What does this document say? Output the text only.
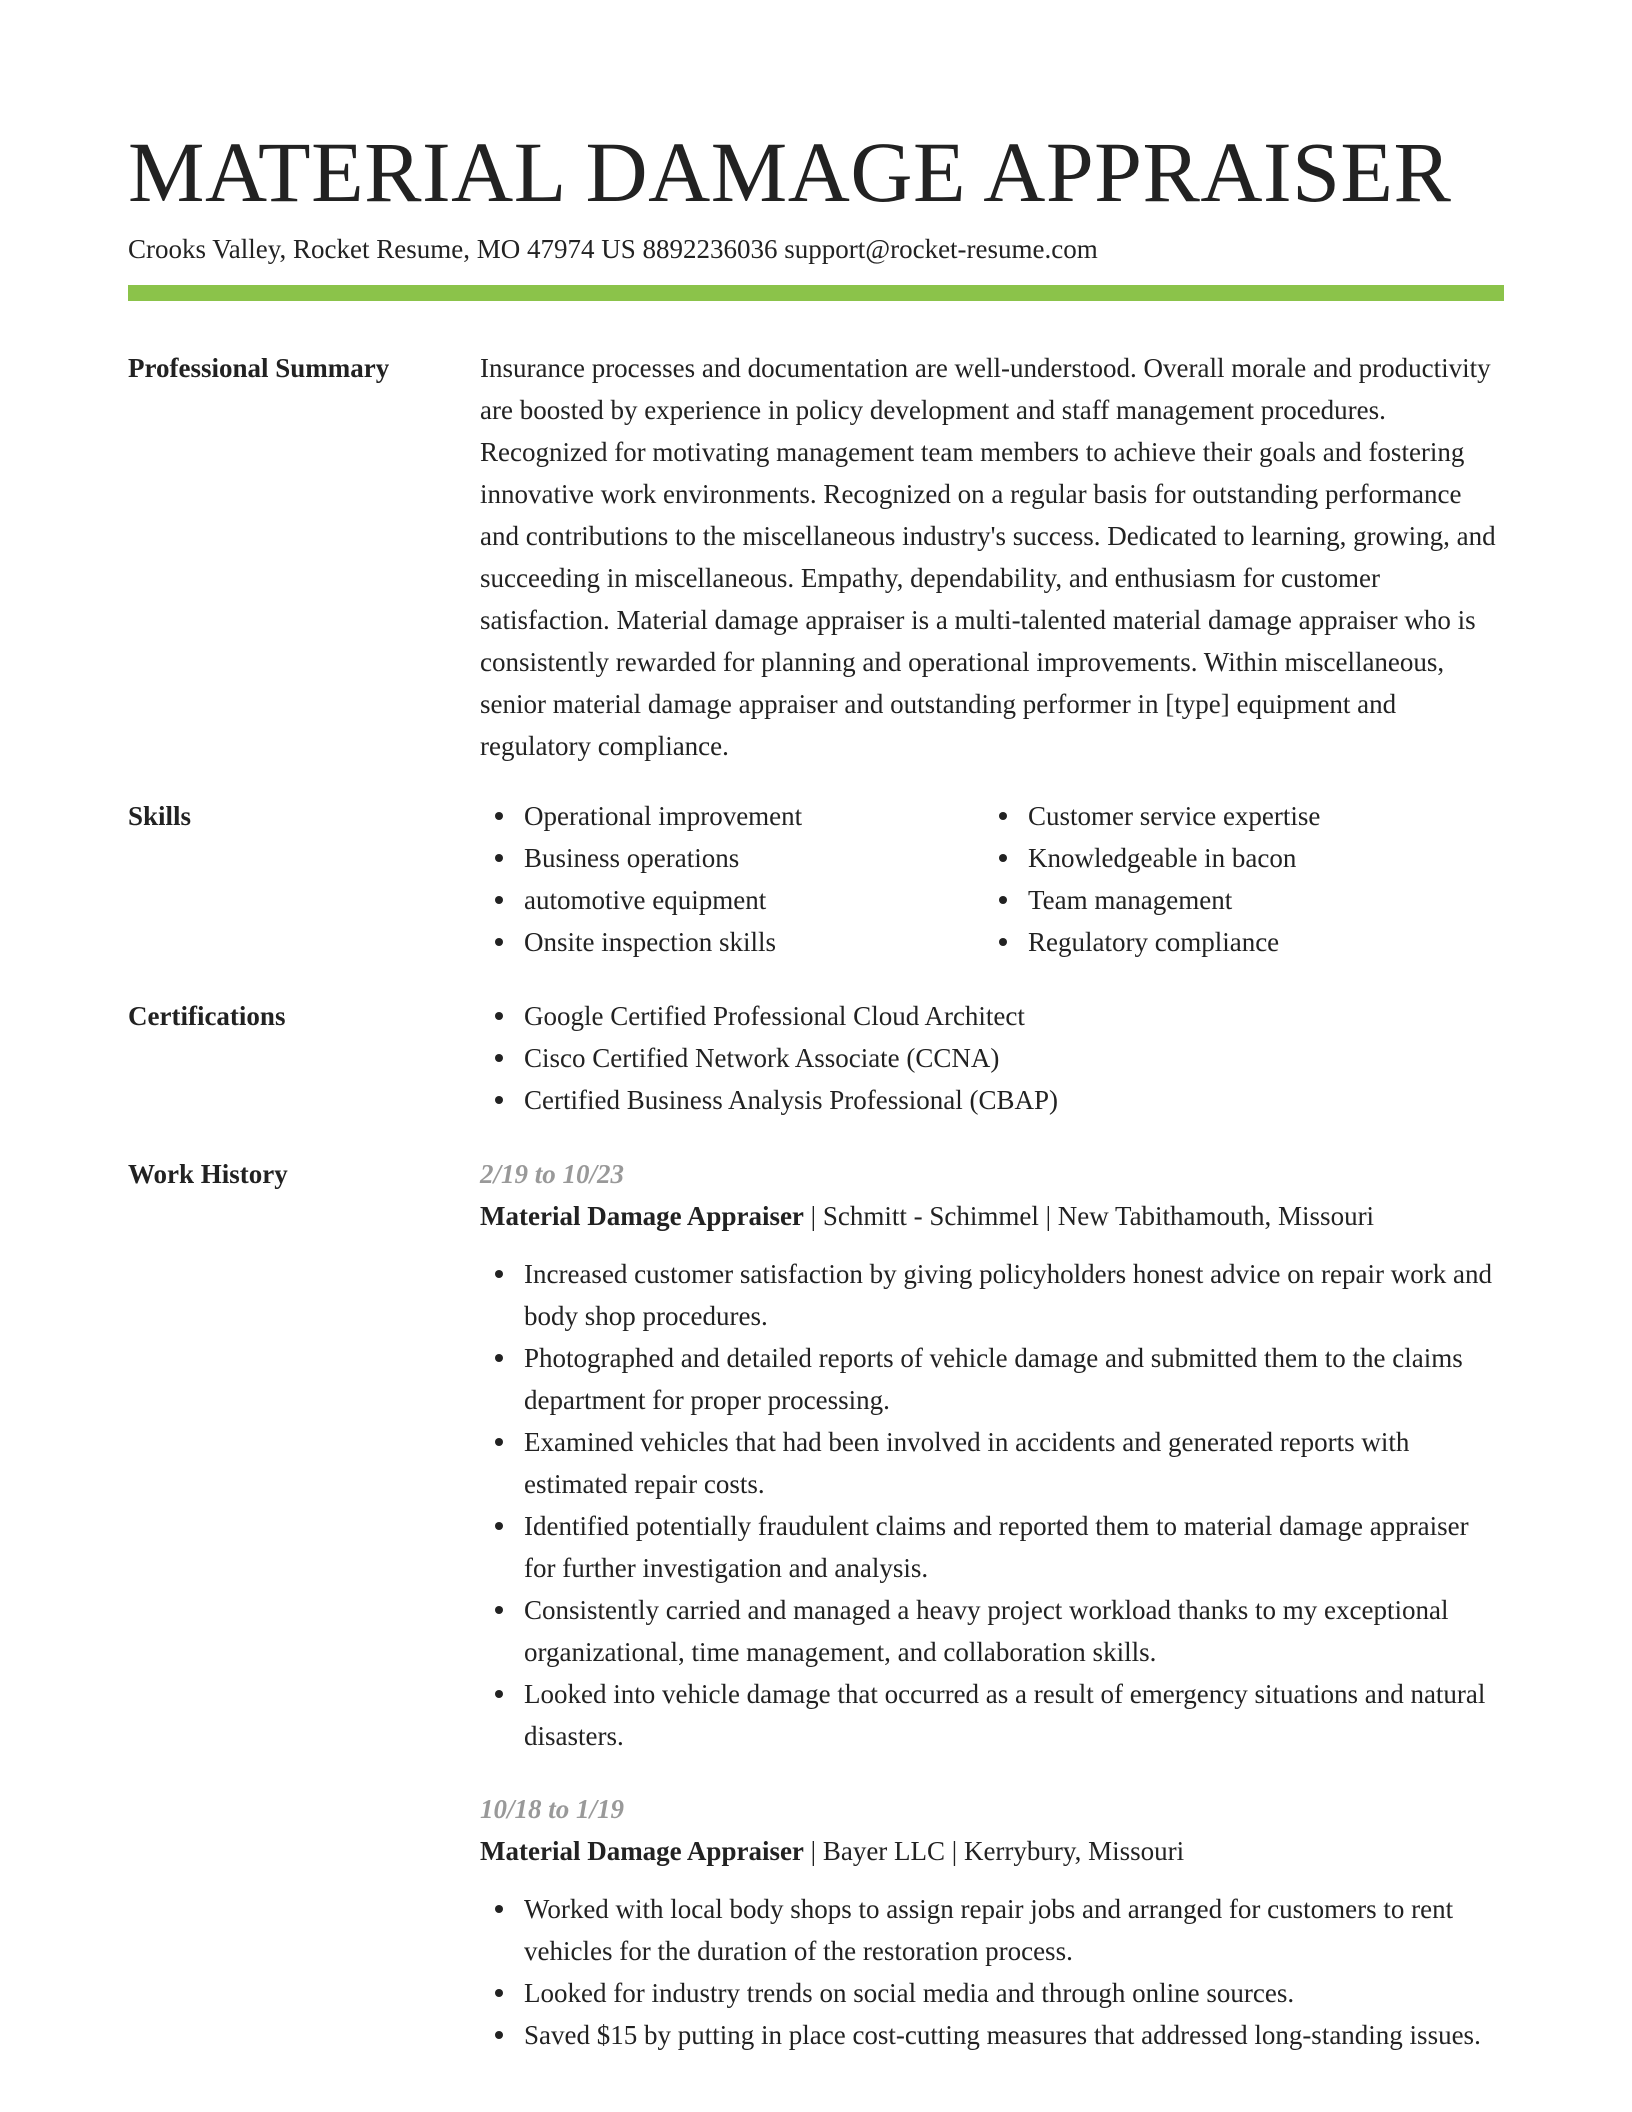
MATERIAL DAMAGE APPRAISER
Crooks Valley, Rocket Resume, MO 47974 US 8892236036 support@rocket-resume.com
Professional Summary	Insurance processes and documentation are well-understood. Overall morale and productivity are boosted by experience in policy development and staff management procedures. Recognized for motivating management team members to achieve their goals and fostering innovative work environments. Recognized on a regular basis for outstanding performance and contributions to the miscellaneous industry's success. Dedicated to learning, growing, and succeeding in miscellaneous. Empathy, dependability, and enthusiasm for customer satisfaction. Material damage appraiser is a multi-talented material damage appraiser who is consistently rewarded for planning and operational improvements. Within miscellaneous, senior material damage appraiser and outstanding performer in [type] equipment and regulatory compliance.

Skills	Operational improvement
Business operations
automotive equipment
Onsite inspection skills
Customer service expertise
Knowledgeable in bacon
Team management
Regulatory compliance
Certifications	Google Certified Professional Cloud Architect
Cisco Certified Network Associate (CCNA)
Certified Business Analysis Professional (CBAP)
Work History	2/19 to 10/23
Material Damage Appraiser | Schmitt - Schimmel | New Tabithamouth, Missouri
Increased customer satisfaction by giving policyholders honest advice on repair work and body shop procedures.
Photographed and detailed reports of vehicle damage and submitted them to the claims department for proper processing.
Examined vehicles that had been involved in accidents and generated reports with estimated repair costs.
Identified potentially fraudulent claims and reported them to material damage appraiser for further investigation and analysis.
Consistently carried and managed a heavy project workload thanks to my exceptional organizational, time management, and collaboration skills.
Looked into vehicle damage that occurred as a result of emergency situations and natural disasters.
10/18 to 1/19
Material Damage Appraiser | Bayer LLC | Kerrybury, Missouri
Worked with local body shops to assign repair jobs and arranged for customers to rent vehicles for the duration of the restoration process.
Looked for industry trends on social media and through online sources.
Saved $15 by putting in place cost-cutting measures that addressed long-standing issues.
